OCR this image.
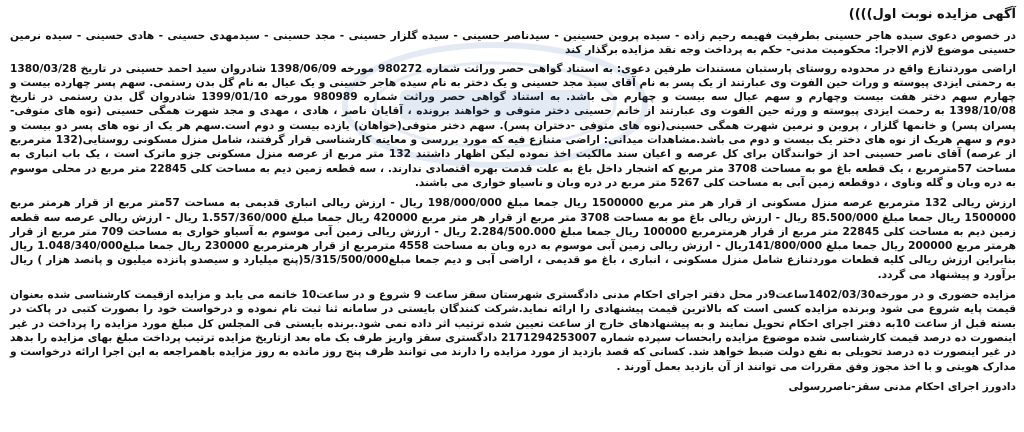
آگهی مزایده نوبت اول))))

در خصوص دعوی سیده هاجر حسینی بطرفیت فهیمه رحیم زاده - سیده پروین حسینین - سیدناصر حسینی - سیده گلزار حسینی - مجد حسینی - سیدمهدی حسینی - هادی حسینی - سیده نرمین حسینی موضوع لازم الاجرا: محکومیت مدنی- حکم به پرداخت وجه نقد مزایده برگذار کند

اراضی موردتنازع واقع در محدوده روستای پارستبان مستندات طرفین دعوی: به استناد گواهی حصر وراثت شماره 980272 مورخه 1398/06/09 شادروان سید احمد حسینی در تاریخ 1380/03/28 به رحمتی ایزدی پیوسته و ورات حین الفوت وی عبارتند از یک پسر به نام آقای سید مجد حسینی و یک دختر به نام سیده هاجر حسینی و یک عیال به نام گل بدن رستمی. سهم پسر چهارده بیست و چهارم سهم دختر هفت بیست وچهارم و سهم عیال سه بیست و چهارم می باشد. به استناد گواهی حصر وراثت شماره 980989 مورخه 1399/01/10 شادروان گل بدن رستمی در تاریخ 1398/10/08 به رحمت ایزدی پیوسته و ورثه حین الفوت وی عبارتند از خانم حسینی دختر متوفی و خواهند برونده ، آقایان ناصر ، هادی ، مهدی و مجد شهرت همگی حسینی (نوه های متوفی-پسران پسر) و خانمها گلزار ، پروین و نرمین شهرت همگی حسینی(نوه های متوفی -دختران پسر). سهم دختر متوفی(خواهان) یازده بیست و دوم است.سهم هر یک از نوه های پسر دو بیست و دوم و سهم هریک از نوه های دختر یک بیست و دوم می باشد.مشاهدات میدانی: اراضی متنازع فیه که مورد بررسی و معاینه کارشناسی قرار گرفتند، شامل منزل مسکونی روستایی(132 مترمربع از عرصه) آقای ناصر حسینی احد از خوانندگان برای کل عرصه و اعیان سند مالکیت اخذ نموده لیکن اظهار داشتند 132 متر مربع از عرصه منزل مسکونی جزو ماترک است ، یک باب انباری به مساحت 57مترمربع ، یک قطعه باغ مو به مساحت 3708 متر مربع که اشجار داخل باغ به علت قدمت بهره اقتصادی ندارند. ، سه قطعه زمین دیم به مساحت کلی 22845 متر مربع در محلی موسوم به دره وبان و گله وناوی ، دوقطعه زمین آبی به مساحت کلی 5267 متر مربع در دره وبان و ناسیاو خواری می باشند.

ارزش ریالی 132 مترمربع عرصه منزل مسکونی از قرار هر متر مربع 1500000 ریال جمعا مبلغ 198/000/000 ریال - ارزش ریالی انباری قدیمی به مساحت 57متر مربع از قرار هرمتر مربع 1500000 ریال جمعا مبلغ 85.500/000 ریال - ارزش ریالی باغ مو به مساحت 3708 متر مربع از قرار هر متر مربع 420000 ریال جمعا مبلغ 1.557/360/000 ریال - ارزش ریالی عرصه سه قطعه زمین دیم به مساحت کلی 22845 متر مربع از قرار هرمترمربع 100000 ریال جمعا مبلغ 2.284/500.000 ریال - ارزش ریالی زمین آبی موسوم به آسیاو خواری به مساحت 709 متر مربع از قرار هرمتر مربع 200000 ریال جمعا مبلغ 141/800/000ریال - ارزش ریالی زمین آبی موسوم به دره وبان به مساحت 4558 مترمربع از قرار هرمترمربع 230000 ریال جمعا مبلغ1.048/340/000 ریال بنابراین ارزش ریالی کلیه قطعات موردتنازع شامل منزل مسکونی ، انباری ، باغ مو قدیمی ، اراضی آبی و دیم جمعا مبلغ5/315/500/000(پنج میلیارد و سیصدو پانزده میلیون و پانصد هزار ) ریال برآورد و پیشنهاد می گردد.

مزایده حضوری و در مورخه1402/03/30ساعت9در محل دفتر اجرای احکام مدنی دادگستری شهرستان سقز ساعت 9 شروع و در ساعت10 خاتمه می یابد و مزایده ازقیمت کارشناسی شده بعنوان قیمت پایه شروع می شود وبرنده مزایده کسی است که بالاترین قیمت پیشنهادی را ارائه نماید.شرکت کنندگان بایستی در سامانه ثنا ثبت نام نموده و درخواست خود را بصورت کتبی در پاکت در بسته قبل از ساعت 10به دفتر اجرای احکام تحویل نمایند و به پیشنهادهای خارج از ساعت تعیین شده ترتیب اثر داده نمی شود.برنده بایستی فی المجلس کل مبلغ مورد مزایده را پرداخت در غیر اینصورت ده درصد قیمت کارشناسی شده موضوع مزایده رابحساب سپرده شماره 2171294253007 دادگستری سقز واریز طرف یک ماه بعد ازتاریخ مزایده ترتیب پرداخت مبلغ بهای مزایده را بدهد در غیر اینصورت ده درصد تحویلی به نفع دولت ضبط خواهد شد. کسانی که قصد بازدید از مورد مزایده را دارند می توانند ظرف پنج روز مانده به روز مزایده باهمراجعه به این اجرا ارائه درخواست و مدارک هویتی و با اخذ مجوز وفق مقررات می توانند از آن بازدید بعمل آورند .

دادورز اجرای احکام مدنی سقز-ناصررسولی
